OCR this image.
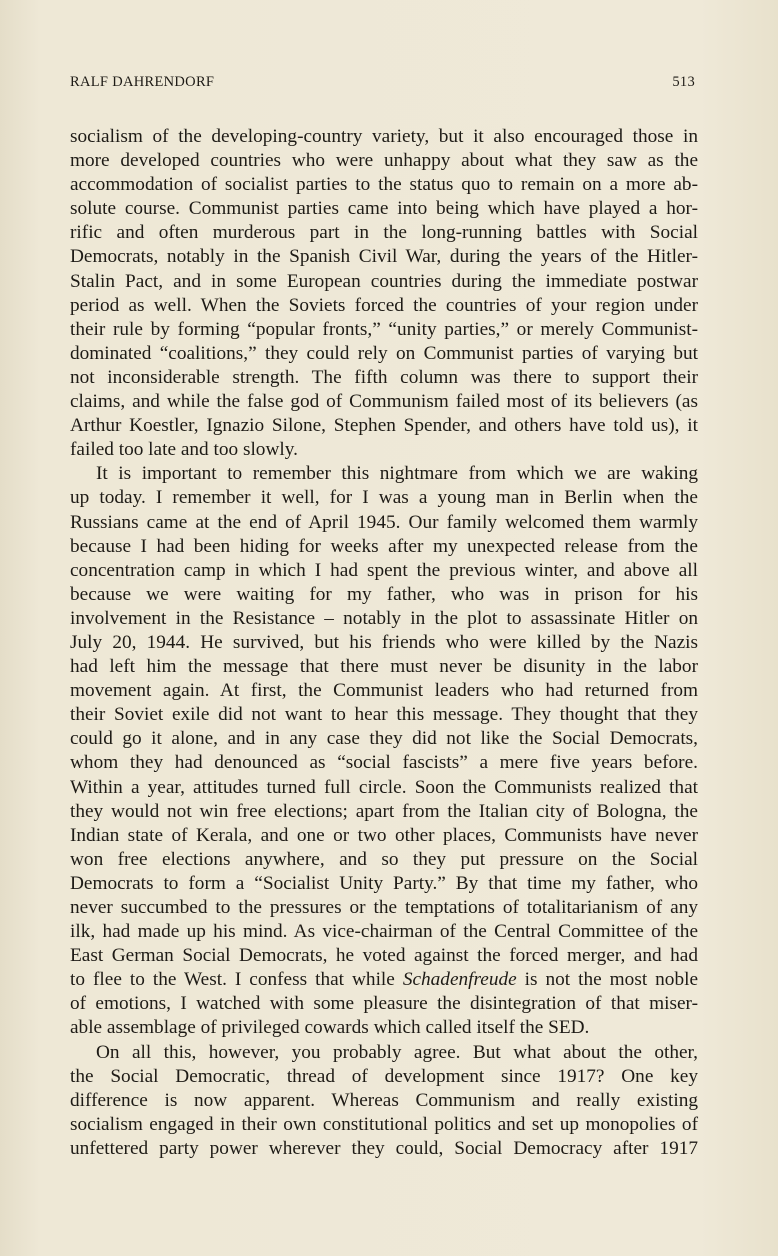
RALF DAHRENDORF	513

socialism of the developing-country variety, but it also encouraged those in
more developed countries who were unhappy about what they saw as the
accommodation of socialist parties to the status quo to remain on a more ab-
solute course. Communist parties came into being which have played a hor-
rific and often murderous part in the long-running battles with Social
Democrats, notably in the Spanish Civil War, during the years of the Hitler-
Stalin Pact, and in some European countries during the immediate postwar
period as well. When the Soviets forced the countries of your region under
their rule by forming “popular fronts,” “unity parties,” or merely Communist-
dominated “coalitions,” they could rely on Communist parties of varying but
not inconsiderable strength. The fifth column was there to support their
claims, and while the false god of Communism failed most of its believers (as
Arthur Koestler, Ignazio Silone, Stephen Spender, and others have told us), it
failed too late and too slowly.

It is important to remember this nightmare from which we are waking
up today. I remember it well, for I was a young man in Berlin when the
Russians came at the end of April 1945. Our family welcomed them warmly
because I had been hiding for weeks after my unexpected release from the
concentration camp in which I had spent the previous winter, and above all
because we were waiting for my father, who was in prison for his
involvement in the Resistance – notably in the plot to assassinate Hitler on
July 20, 1944. He survived, but his friends who were killed by the Nazis
had left him the message that there must never be disunity in the labor
movement again. At first, the Communist leaders who had returned from
their Soviet exile did not want to hear this message. They thought that they
could go it alone, and in any case they did not like the Social Democrats,
whom they had denounced as “social fascists” a mere five years before.
Within a year, attitudes turned full circle. Soon the Communists realized that
they would not win free elections; apart from the Italian city of Bologna, the
Indian state of Kerala, and one or two other places, Communists have never
won free elections anywhere, and so they put pressure on the Social
Democrats to form a “Socialist Unity Party.” By that time my father, who
never succumbed to the pressures or the temptations of totalitarianism of any
ilk, had made up his mind. As vice-chairman of the Central Committee of the
East German Social Democrats, he voted against the forced merger, and had
to flee to the West. I confess that while Schadenfreude is not the most noble
of emotions, I watched with some pleasure the disintegration of that miser-
able assemblage of privileged cowards which called itself the SED.

On all this, however, you probably agree. But what about the other,
the Social Democratic, thread of development since 1917? One key
difference is now apparent. Whereas Communism and really existing
socialism engaged in their own constitutional politics and set up monopolies of
unfettered party power wherever they could, Social Democracy after 1917
